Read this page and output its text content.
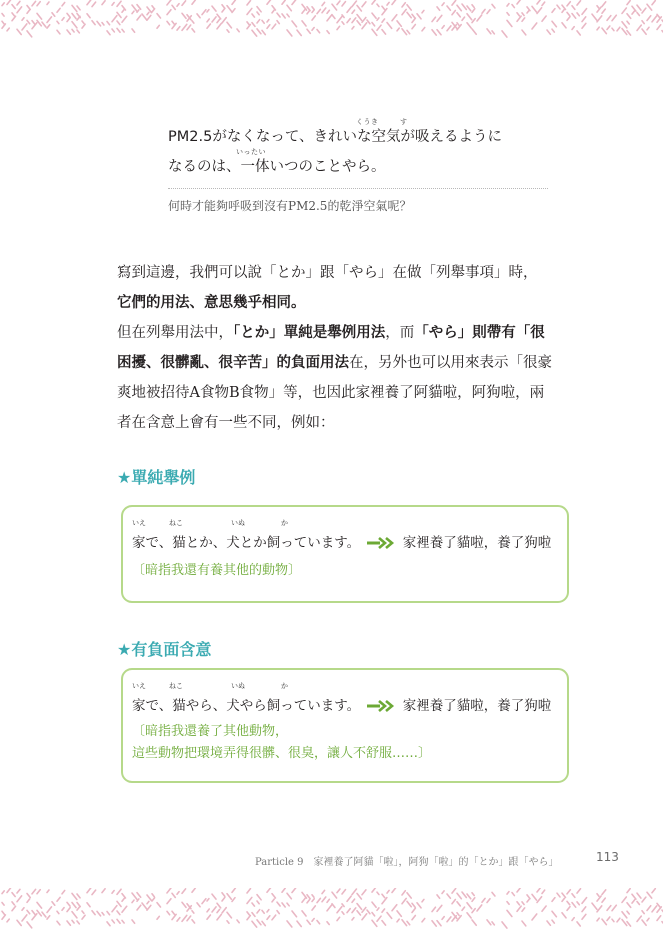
くうき	す
PM2.5がなくなって、きれいな空気が吸えるように
いったい
なるのは、一体いつのことやら。
何時才能夠呼吸到沒有PM2.5的乾淨空氣呢？
寫到這邊，我們可以說「とか」跟「やら」在做「列舉事項」時，
它們的用法、意思幾乎相同。
但在列舉用法中，「とか」單純是舉例用法，而「やら」則帶有「很困擾、很髒亂、很辛苦」的負面用法在，另外也可以用來表示「很豪爽地被招待A食物B食物」等，也因此家裡養了阿貓啦，阿狗啦，兩者在含意上會有一些不同，例如：
★單純舉例
いえ	ねこ	いぬ	か
家で、猫とか、犬とか飼っています。	家裡養了貓啦，養了狗啦
〔暗指我還有養其他的動物〕
★有負面含意
いえ	ねこ	いぬ	か
家で、猫やら、犬やら飼っています。	家裡養了貓啦，養了狗啦
〔暗指我還養了其他動物，
這些動物把環境弄得很髒、很臭，讓人不舒服……〕
Particle 9　家裡養了阿貓「啦」，阿狗「啦」的「とか」跟「やら」	113
